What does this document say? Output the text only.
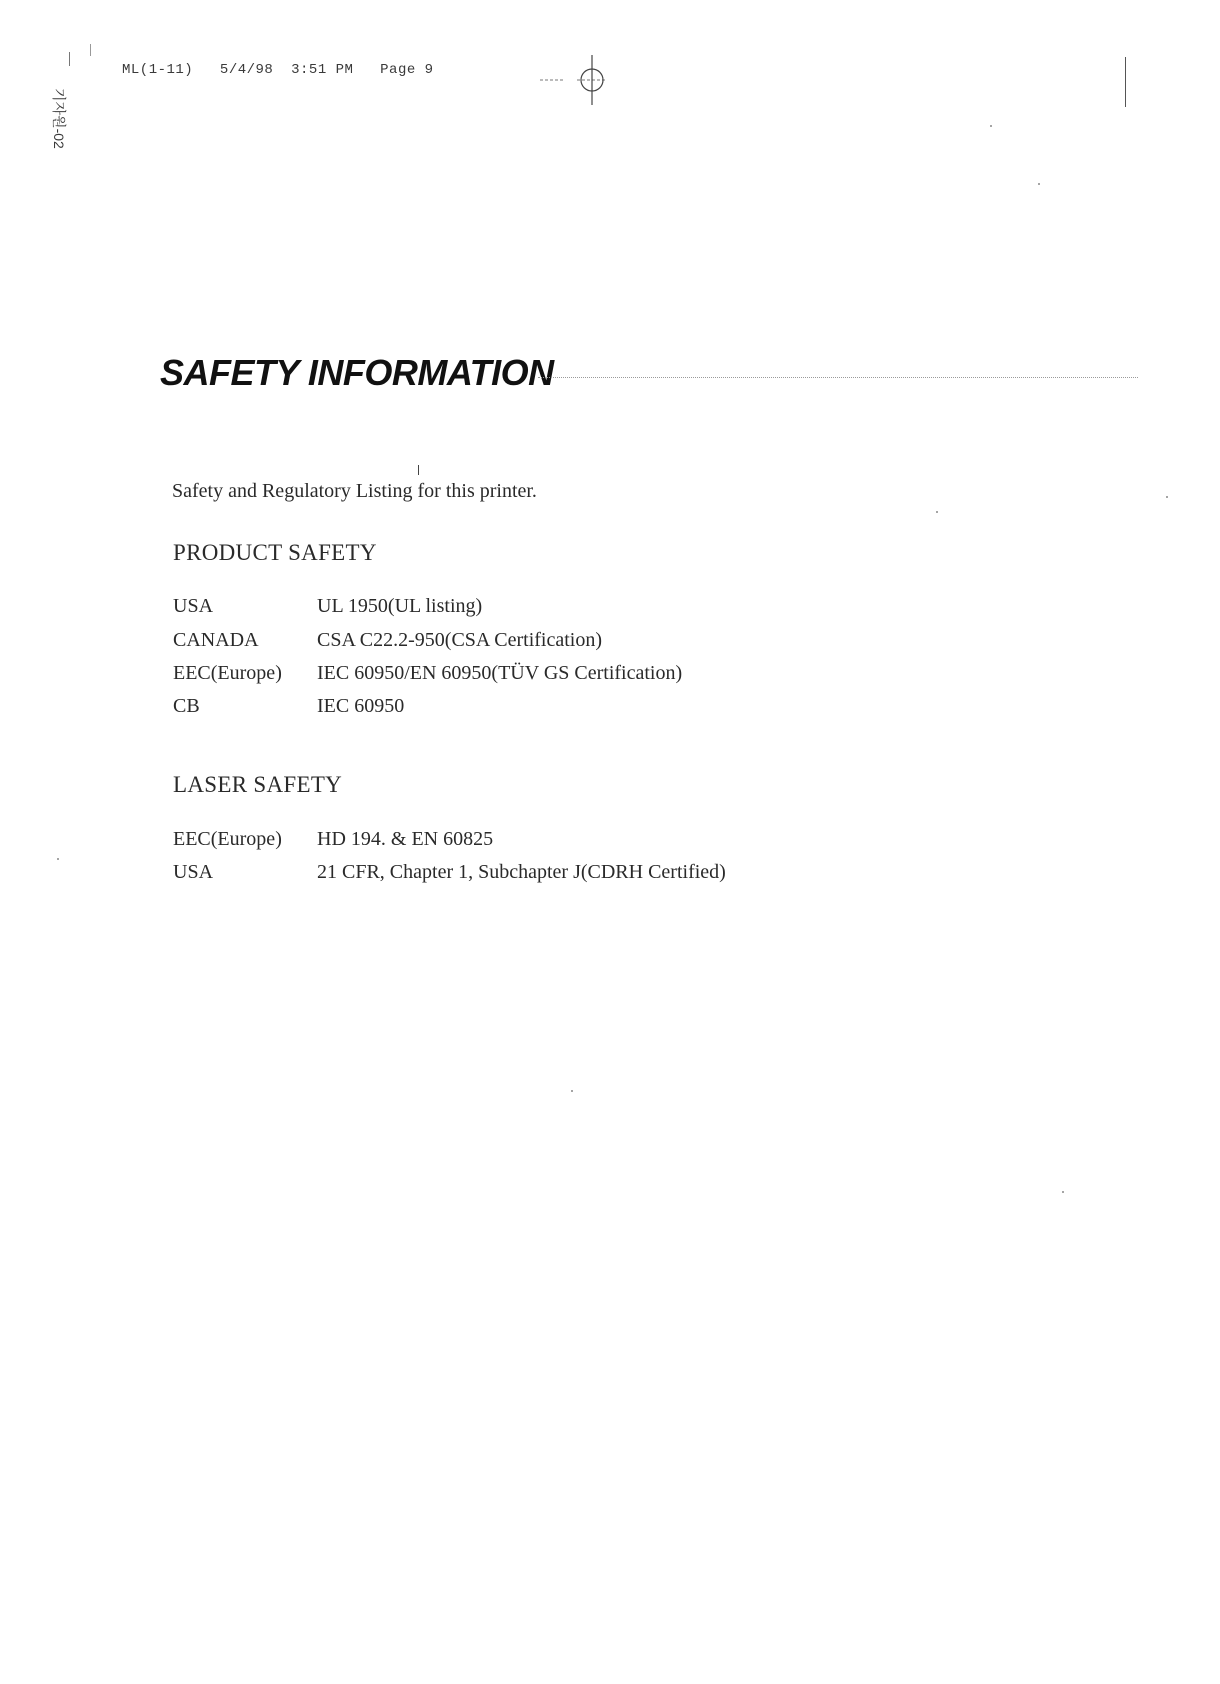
기자원-02
ML(1-11)   5/4/98  3:51 PM   Page 9
SAFETY INFORMATION
Safety and Regulatory Listing for this printer.
PRODUCT SAFETY
USA	UL 1950(UL listing)
CANADA	CSA C22.2-950(CSA Certification)
EEC(Europe) IEC 60950/EN 60950(TÜV GS Certification)
CB	IEC 60950
LASER SAFETY
EEC(Europe) HD 194. & EN 60825
USA	21 CFR, Chapter 1, Subchapter J(CDRH Certified)
